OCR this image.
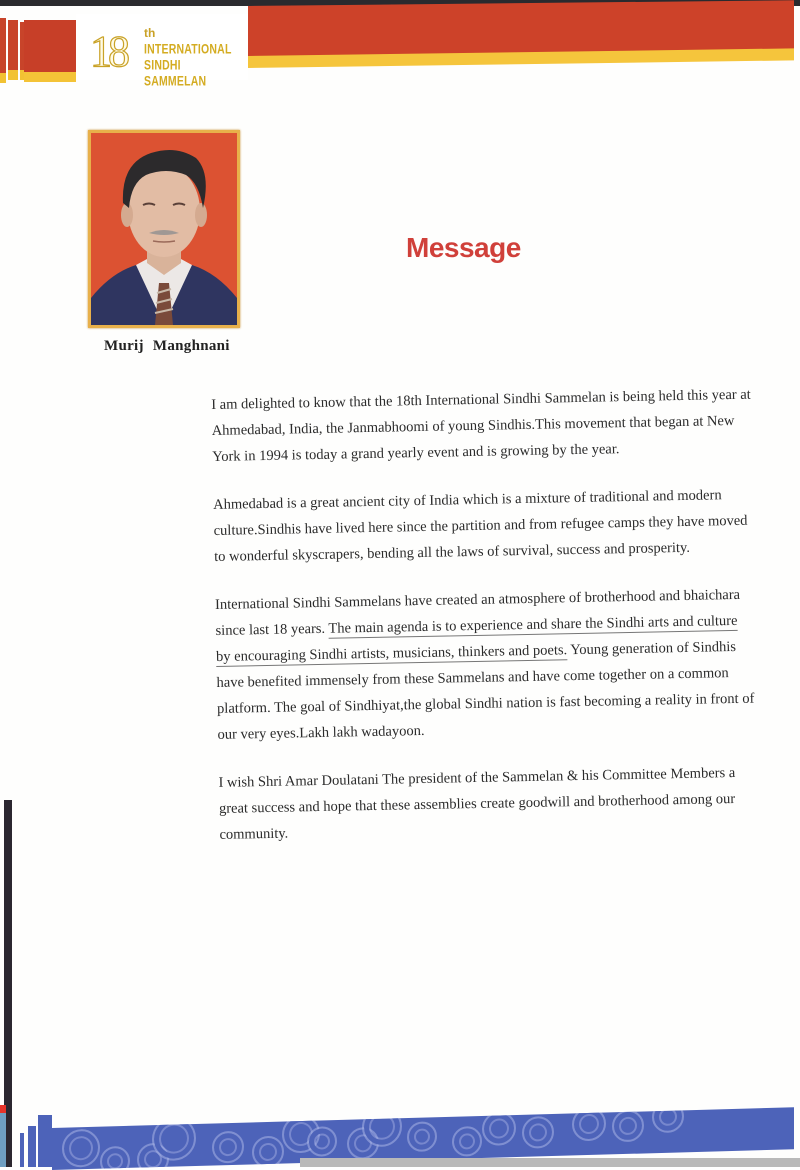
18 th
INTERNATIONAL
SINDHI SAMMELAN
Murij Manghnani
Message

I am delighted to know that the 18th International Sindhi Sammelan is being held this year at Ahmedabad, India, the Janmabhoomi of young Sindhis.This movement that began at New York in 1994 is today a grand yearly event and is growing by the year.

Ahmedabad is a great ancient city of India which is a mixture of traditional and modern culture.Sindhis have lived here since the partition and from refugee camps they have moved to wonderful skyscrapers, bending all the laws of survival, success and prosperity.

International Sindhi Sammelans have created an atmosphere of brotherhood and bhaichara since last 18 years. The main agenda is to experience and share the Sindhi arts and culture by encouraging Sindhi artists, musicians, thinkers and poets. Young generation of Sindhis have benefited immensely from these Sammelans and have come together on a common platform. The goal of Sindhiyat,the global Sindhi nation is fast becoming a reality in front of our very eyes.Lakh lakh wadayoon.

I wish Shri Amar Doulatani The president of the Sammelan & his Committee Members a great success and hope that these assemblies create goodwill and brotherhood among our community.
